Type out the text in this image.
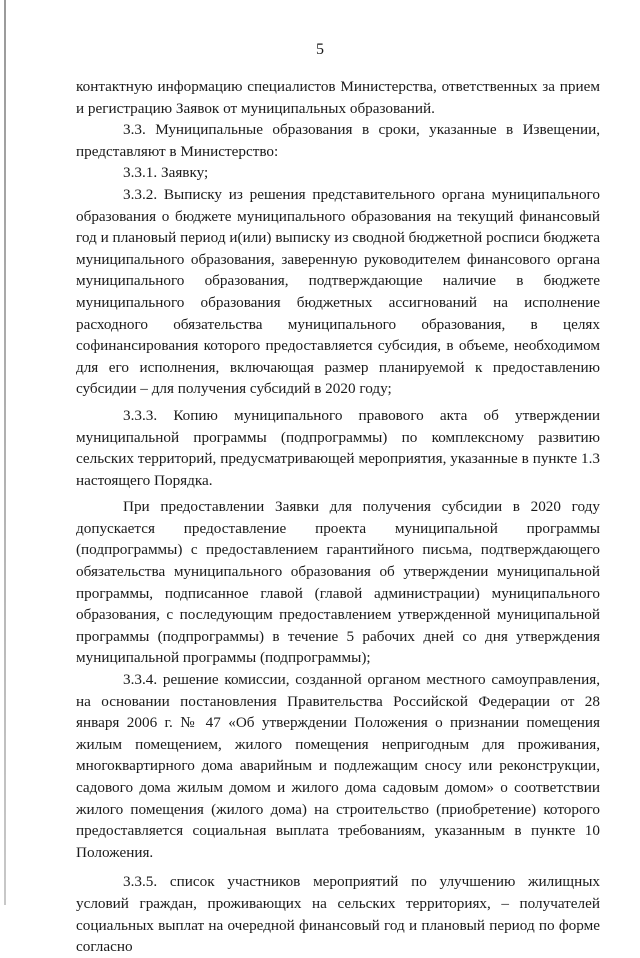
5

контактную информацию специалистов Министерства, ответственных за прием и регистрацию Заявок от муниципальных образований.

3.3. Муниципальные образования в сроки, указанные в Извещении, представляют в Министерство:

3.3.1. Заявку;

3.3.2. Выписку из решения представительного органа муниципального образования о бюджете муниципального образования на текущий финансовый год и плановый период и(или) выписку из сводной бюджетной росписи бюджета муниципального образования, заверенную руководителем финансового органа муниципального образования, подтверждающие наличие в бюджете муниципального образования бюджетных ассигнований на исполнение расходного обязательства муниципального образования, в целях софинансирования которого предоставляется субсидия, в объеме, необходимом для его исполнения, включающая размер планируемой к предоставлению субсидии – для получения субсидий в 2020 году;

3.3.3. Копию муниципального правового акта об утверждении муниципальной программы (подпрограммы) по комплексному развитию сельских территорий, предусматривающей мероприятия, указанные в пункте 1.3 настоящего Порядка.

При предоставлении Заявки для получения субсидии в 2020 году допускается предоставление проекта муниципальной программы (подпрограммы) с предоставлением гарантийного письма, подтверждающего обязательства муниципального образования об утверждении муниципальной программы, подписанное главой (главой администрации) муниципального образования, с последующим предоставлением утвержденной муниципальной программы (подпрограммы) в течение 5 рабочих дней со дня утверждения муниципальной программы (подпрограммы);

3.3.4. решение комиссии, созданной органом местного самоуправления, на основании постановления Правительства Российской Федерации от 28 января 2006 г. № 47 «Об утверждении Положения о признании помещения жилым помещением, жилого помещения непригодным для проживания, многоквартирного дома аварийным и подлежащим сносу или реконструкции, садового дома жилым домом и жилого дома садовым домом» о соответствии жилого помещения (жилого дома) на строительство (приобретение) которого предоставляется социальная выплата требованиям, указанным в пункте 10 Положения.

3.3.5. список участников мероприятий по улучшению жилищных условий граждан, проживающих на сельских территориях, – получателей социальных выплат на очередной финансовый год и плановый период по форме согласно
